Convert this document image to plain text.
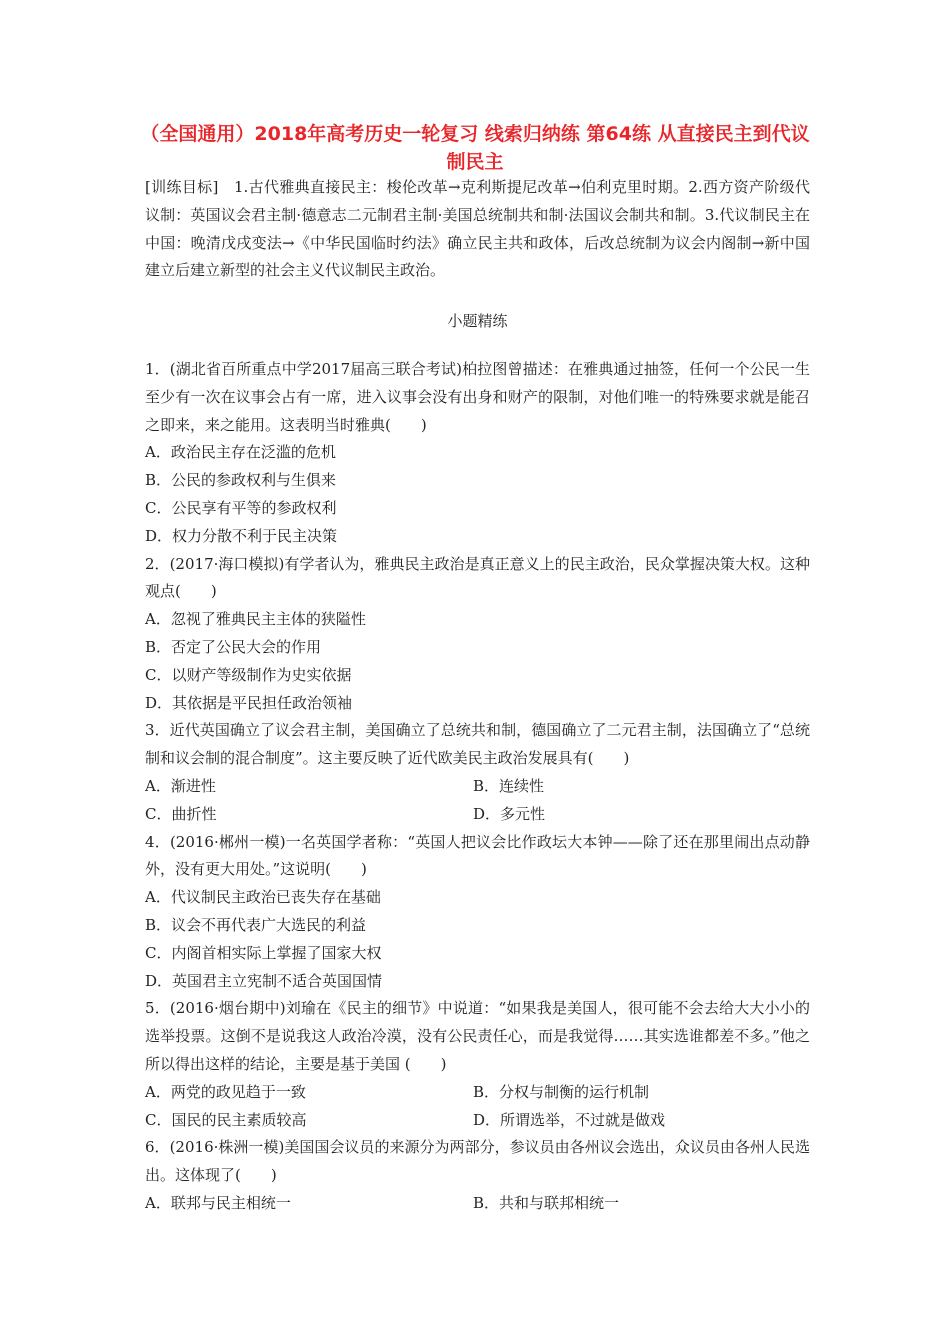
（全国通用）2018年高考历史一轮复习 线索归纳练 第64练 从直接民主到代议制民主
[训练目标]　1.古代雅典直接民主：梭伦改革→克利斯提尼改革→伯利克里时期。2.西方资产阶级代议制：英国议会君主制·德意志二元制君主制·美国总统制共和制·法国议会制共和制。3.代议制民主在中国：晚清戊戌变法→《中华民国临时约法》确立民主共和政体，后改总统制为议会内阁制→新中国建立后建立新型的社会主义代议制民主政治。
小题精练
1．(湖北省百所重点中学2017届高三联合考试)柏拉图曾描述：在雅典通过抽签，任何一个公民一生至少有一次在议事会占有一席，进入议事会没有出身和财产的限制，对他们唯一的特殊要求就是能召之即来，来之能用。这表明当时雅典(　　)
A．政治民主存在泛滥的危机
B．公民的参政权利与生俱来
C．公民享有平等的参政权利
D．权力分散不利于民主决策
2．(2017·海口模拟)有学者认为，雅典民主政治是真正意义上的民主政治，民众掌握决策大权。这种观点(　　)
A．忽视了雅典民主主体的狭隘性
B．否定了公民大会的作用
C．以财产等级制作为史实依据
D．其依据是平民担任政治领袖
3．近代英国确立了议会君主制，美国确立了总统共和制，德国确立了二元君主制，法国确立了“总统制和议会制的混合制度”。这主要反映了近代欧美民主政治发展具有(　　)
A．渐进性	B．连续性
C．曲折性	D．多元性
4．(2016·郴州一模)一名英国学者称：“英国人把议会比作政坛大本钟——除了还在那里闹出点动静外，没有更大用处。”这说明(　　)
A．代议制民主政治已丧失存在基础
B．议会不再代表广大选民的利益
C．内阁首相实际上掌握了国家大权
D．英国君主立宪制不适合英国国情
5．(2016·烟台期中)刘瑜在《民主的细节》中说道：“如果我是美国人，很可能不会去给大大小小的选举投票。这倒不是说我这人政治冷漠，没有公民责任心，而是我觉得……其实选谁都差不多。”他之所以得出这样的结论，主要是基于美国 (　　)
A．两党的政见趋于一致	B．分权与制衡的运行机制
C．国民的民主素质较高	D．所谓选举，不过就是做戏
6．(2016·株洲一模)美国国会议员的来源分为两部分，参议员由各州议会选出，众议员由各州人民选出。这体现了(　　)
A．联邦与民主相统一	B．共和与联邦相统一
